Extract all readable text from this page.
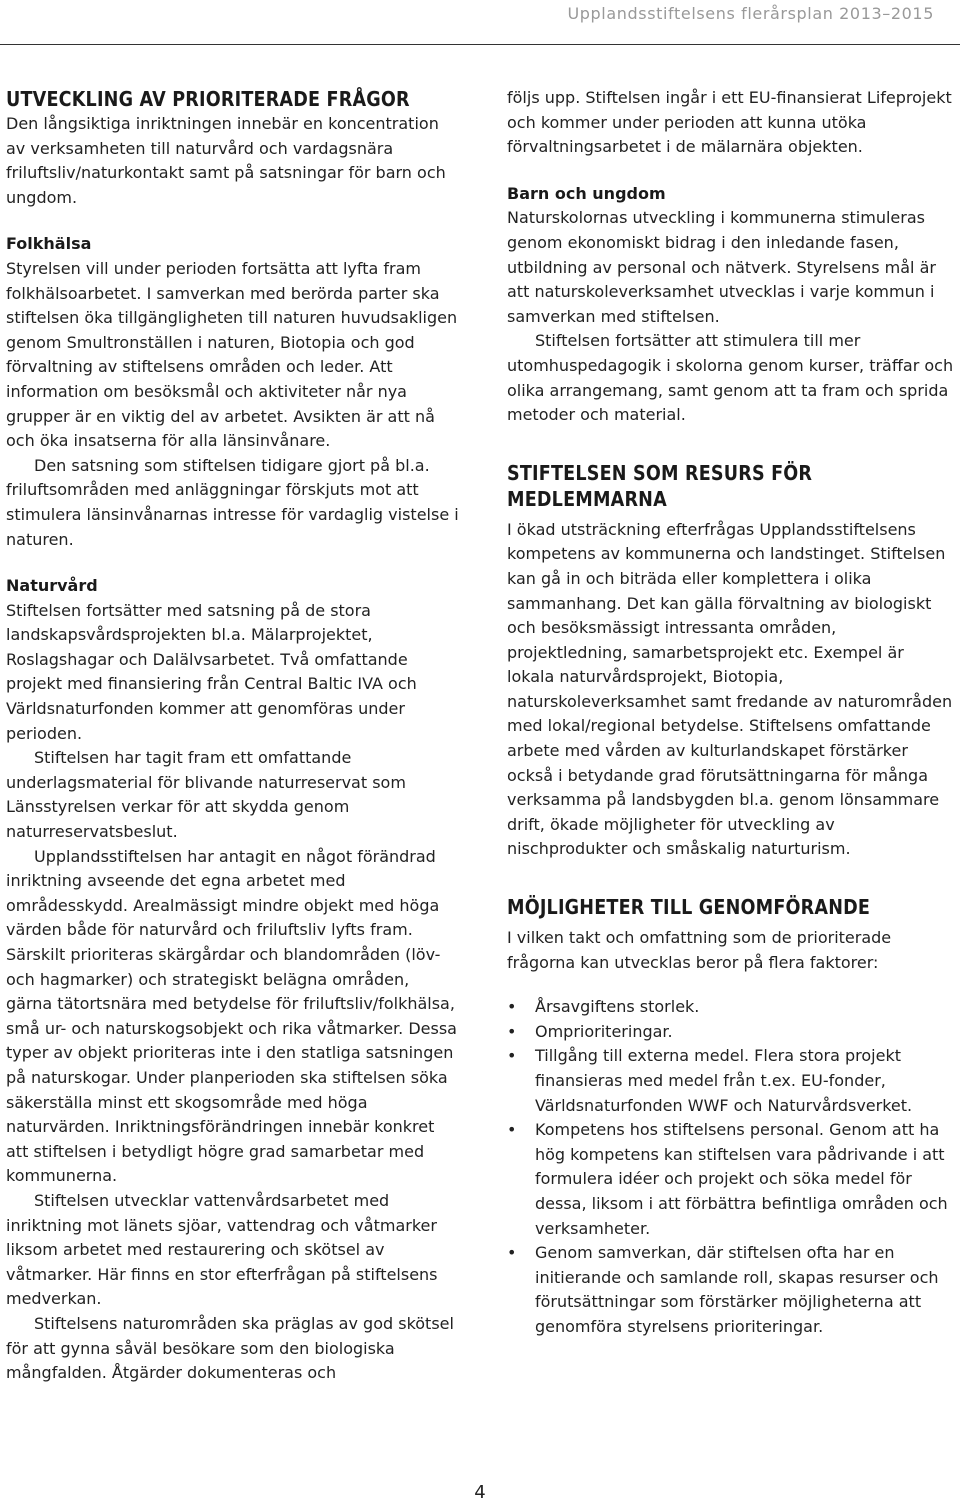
Upplandsstiftelsens flerårsplan 2013–2015
UTVECKLING AV PRIORITERADE FRÅGOR

Den långsiktiga inriktningen innebär en koncentration av verksamheten till naturvård och vardagsnära friluftsliv/naturkontakt samt på satsningar för barn och ungdom.

Folkhälsa

Styrelsen vill under perioden fortsätta att lyfta fram folkhälsoarbetet. I samverkan med berörda parter ska stiftelsen öka tillgängligheten till naturen huvudsakligen genom Smultronställen i naturen, Biotopia och god förvaltning av stiftelsens områden och leder. Att information om besöksmål och aktiviteter når nya grupper är en viktig del av arbetet. Avsikten är att nå och öka insatserna för alla länsinvånare.

Den satsning som stiftelsen tidigare gjort på bl.a. friluftsområden med anläggningar förskjuts mot att stimulera länsinvånarnas intresse för vardaglig vistelse i naturen.

Naturvård

Stiftelsen fortsätter med satsning på de stora landskapsvårdsprojekten bl.a. Mälarprojektet, Roslagshagar och Dalälvsarbetet. Två omfattande projekt med finansiering från Central Baltic IVA och Världsnaturfonden kommer att genomföras under perioden.

Stiftelsen har tagit fram ett omfattande underlagsmaterial för blivande naturreservat som Länsstyrelsen verkar för att skydda genom naturreservatsbeslut.

Upplandsstiftelsen har antagit en något förändrad inriktning avseende det egna arbetet med områdesskydd. Arealmässigt mindre objekt med höga värden både för naturvård och friluftsliv lyfts fram. Särskilt prioriteras skärgårdar och blandområden (löv- och hagmarker) och strategiskt belägna områden, gärna tätortsnära med betydelse för friluftsliv/folkhälsa, små ur- och naturskogsobjekt och rika våtmarker. Dessa typer av objekt prioriteras inte i den statliga satsningen på naturskogar. Under planperioden ska stiftelsen söka säkerställa minst ett skogsområde med höga naturvärden. Inriktningsförändringen innebär konkret att stiftelsen i betydligt högre grad samarbetar med kommunerna.

Stiftelsen utvecklar vattenvårdsarbetet med inriktning mot länets sjöar, vattendrag och våtmarker liksom arbetet med restaurering och skötsel av våtmarker. Här finns en stor efterfrågan på stiftelsens medverkan.

Stiftelsens naturområden ska präglas av god skötsel för att gynna såväl besökare som den biologiska mångfalden. Åtgärder dokumenteras och

följs upp. Stiftelsen ingår i ett EU-finansierat Lifeprojekt och kommer under perioden att kunna utöka förvaltningsarbetet i de mälarnära objekten.

Barn och ungdom

Naturskolornas utveckling i kommunerna stimuleras genom ekonomiskt bidrag i den inledande fasen, utbildning av personal och nätverk. Styrelsens mål är att naturskoleverksamhet utvecklas i varje kommun i samverkan med stiftelsen.

Stiftelsen fortsätter att stimulera till mer utomhuspedagogik i skolorna genom kurser, träffar och olika arrangemang, samt genom att ta fram och sprida metoder och material.

STIFTELSEN SOM RESURS FÖR MEDLEMMARNA

I ökad utsträckning efterfrågas Upplandsstiftelsens kompetens av kommunerna och landstinget. Stiftelsen kan gå in och biträda eller komplettera i olika sammanhang. Det kan gälla förvaltning av biologiskt och besöksmässigt intressanta områden, projektledning, samarbetsprojekt etc. Exempel är lokala naturvårdsprojekt, Biotopia, naturskoleverksamhet samt fredande av naturområden med lokal/regional betydelse. Stiftelsens omfattande arbete med vården av kulturlandskapet förstärker också i betydande grad förutsättningarna för många verksamma på landsbygden bl.a. genom lönsammare drift, ökade möjligheter för utveckling av nischprodukter och småskalig naturturism.

MÖJLIGHETER TILL GENOMFÖRANDE

I vilken takt och omfattning som de prioriterade frågorna kan utvecklas beror på flera faktorer:

• Årsavgiftens storlek.
• Omprioriteringar.
• Tillgång till externa medel. Flera stora projekt finansieras med medel från t.ex. EU-fonder, Världsnaturfonden WWF och Naturvårdsverket.
• Kompetens hos stiftelsens personal. Genom att ha hög kompetens kan stiftelsen vara pådrivande i att formulera idéer och projekt och söka medel för dessa, liksom i att förbättra befintliga områden och verksamheter.
• Genom samverkan, där stiftelsen ofta har en initierande och samlande roll, skapas resurser och förutsättningar som förstärker möjligheterna att genomföra styrelsens prioriteringar.
4
